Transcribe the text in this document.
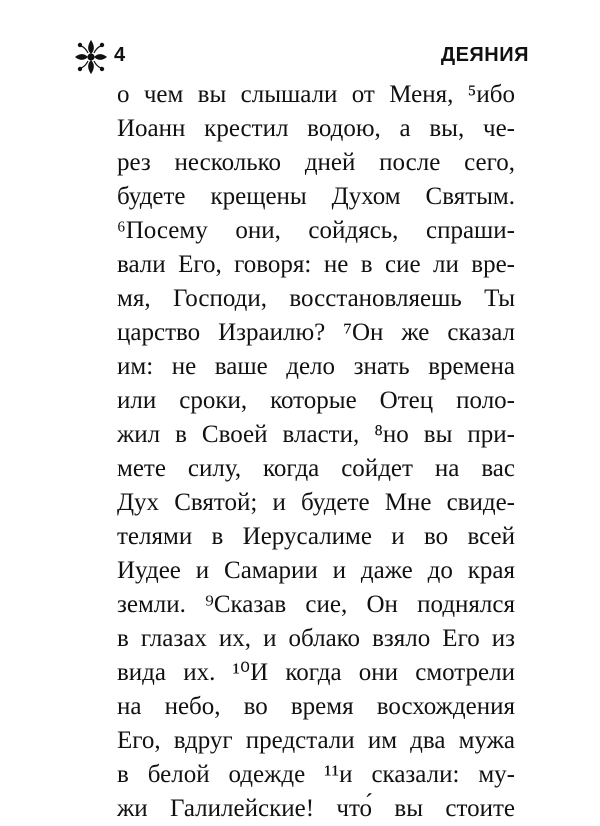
4	ДЕЯНИЯ
о чем вы слышали от Меня, ⁵ибо
Иоанн крестил водою, а вы, че-
рез несколько дней после сего,
будете крещены Духом Святым.
⁶Посему они, сойдясь, спраши-
вали Его, говоря: не в сие ли вре-
мя, Господи, восстановляешь Ты
царство Израилю? ⁷Он же сказал
им: не ваше дело знать времена
или сроки, которые Отец поло-
жил в Своей власти, ⁸но вы при-
мете силу, когда сойдет на вас
Дух Святой; и будете Мне свиде-
телями в Иерусалиме и во всей
Иудее и Самарии и даже до края
земли. ⁹Сказав сие, Он поднялся
в глазах их, и облако взяло Его из
вида их. ¹⁰И когда они смотрели
на небо, во время восхождения
Его, вдруг предстали им два мужа
в белой одежде ¹¹и сказали: му-
жи Галилейские! что́ вы стоите
